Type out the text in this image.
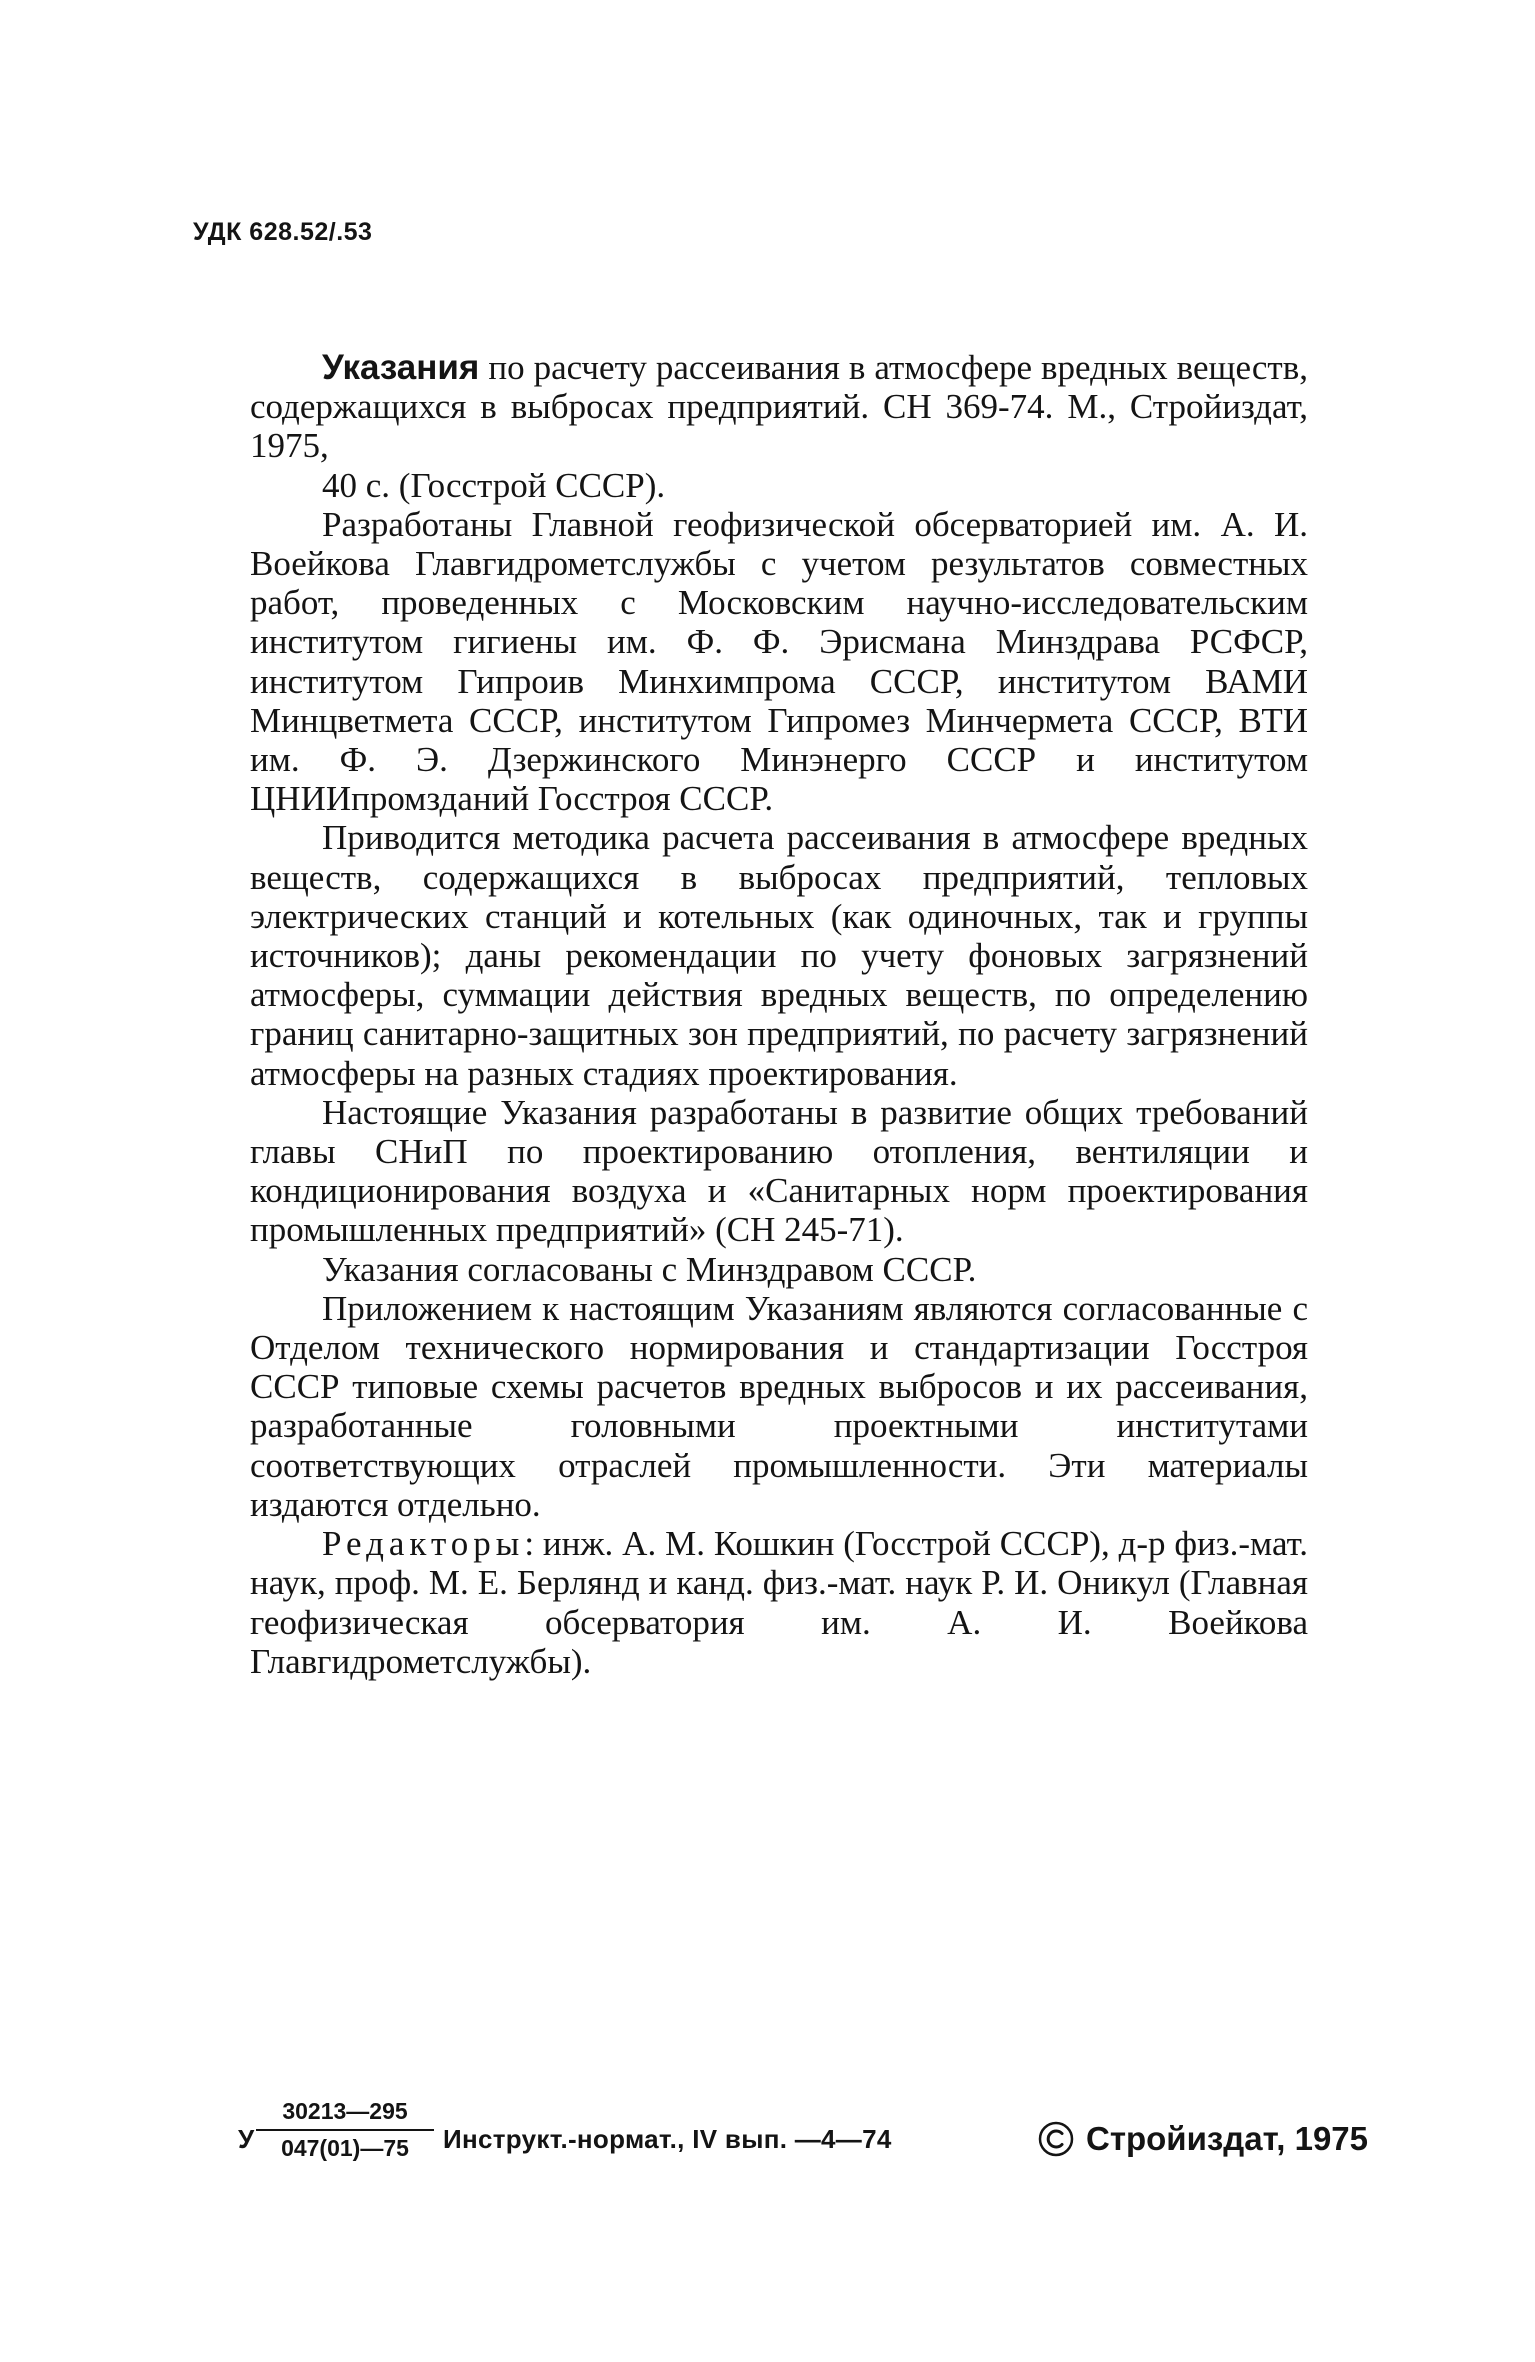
УДК 628.52/.53

Указания по расчету рассеивания в атмосфере вредных веществ, содержащихся в выбросах предприятий. СН 369-74. М., Стройиздат, 1975,
40 с. (Госстрой СССР).

Разработаны Главной геофизической обсерваторией им. А. И. Воейкова Главгидрометслужбы с учетом результатов совместных работ, проведенных с Московским научно-исследовательским институтом гигиены им. Ф. Ф. Эрисмана Минздрава РСФСР, институтом Гипроив Минхимпрома СССР, институтом ВАМИ Минцветмета СССР, институтом Гипромез Минчермета СССР, ВТИ им. Ф. Э. Дзержинского Минэнерго СССР и институтом ЦНИИпромзданий Госстроя СССР.

Приводится методика расчета рассеивания в атмосфере вредных веществ, содержащихся в выбросах предприятий, тепловых электрических станций и котельных (как одиночных, так и группы источников); даны рекомендации по учету фоновых загрязнений атмосферы, суммации действия вредных веществ, по определению границ санитарно-защитных зон предприятий, по расчету загрязнений атмосферы на разных стадиях проектирования.

Настоящие Указания разработаны в развитие общих требований главы СНиП по проектированию отопления, вентиляции и кондиционирования воздуха и «Санитарных норм проектирования промышленных предприятий» (СН 245-71).

Указания согласованы с Минздравом СССР.

Приложением к настоящим Указаниям являются согласованные с Отделом технического нормирования и стандартизации Госстроя СССР типовые схемы расчетов вредных выбросов и их рассеивания, разработанные головными проектными институтами соответствующих отраслей промышленности. Эти материалы издаются отдельно.

Редакторы: инж. А. М. Кошкин (Госстрой СССР), д-р физ.-мат. наук, проф. М. Е. Берлянд и канд. физ.-мат. наук Р. И. Оникул (Главная геофизическая обсерватория им. А. И. Воейкова Главгидрометслужбы).

У $\frac{30213—295}{047(01)—75}$ Инструкт.-нормат., IV вып. —4—74	Стройиздат, 1975
